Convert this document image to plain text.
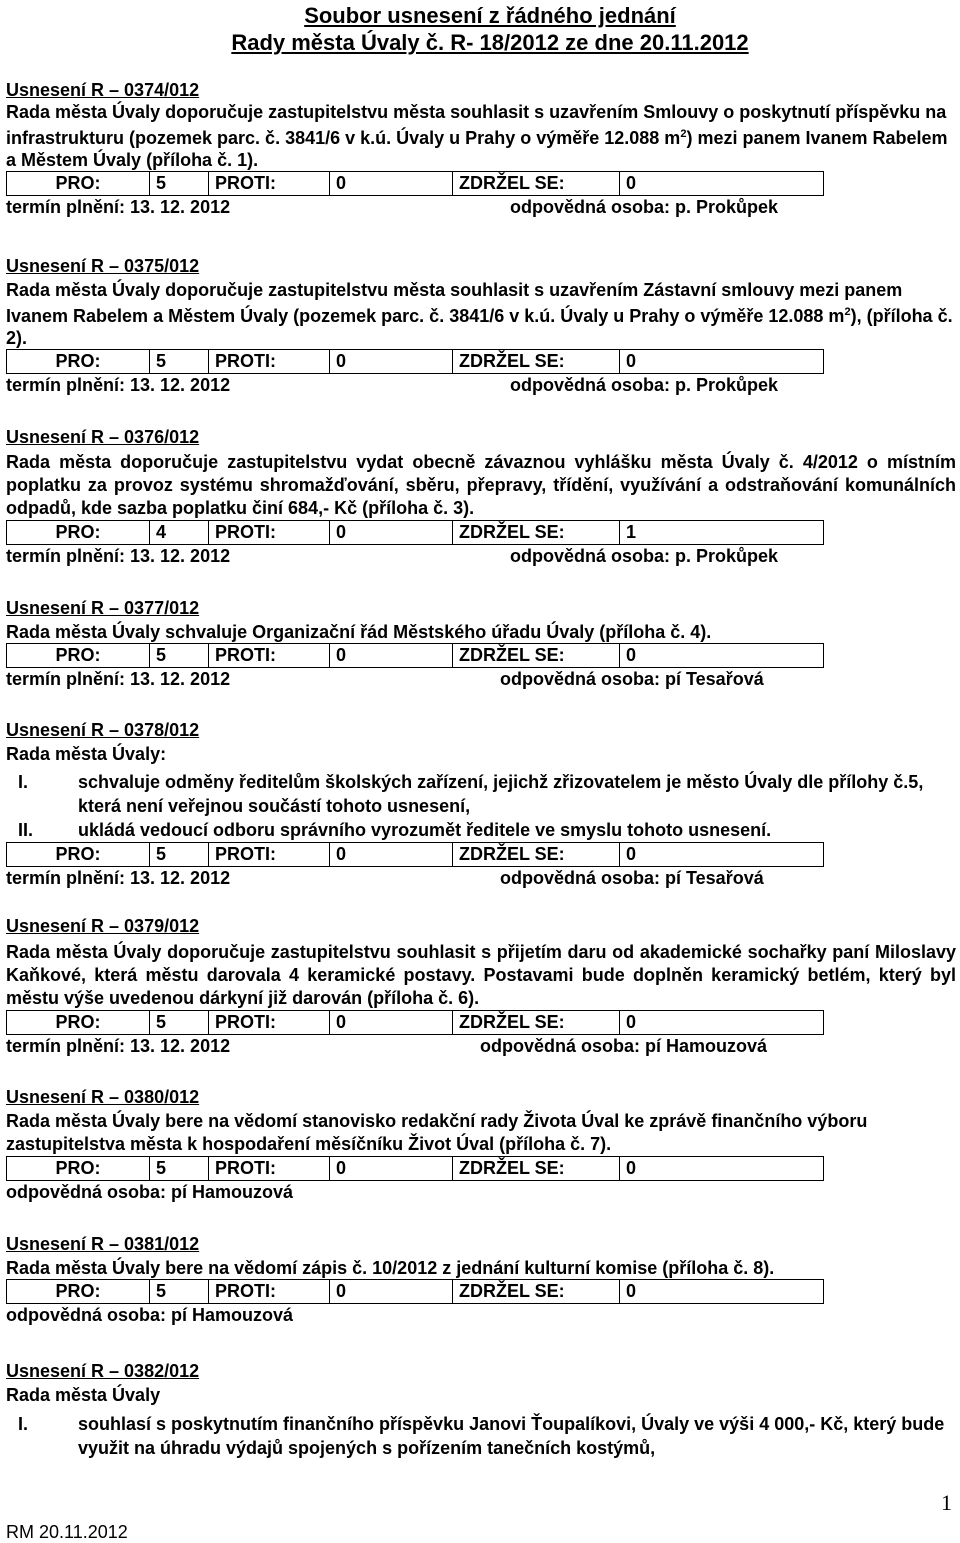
Soubor usnesení z řádného jednání
Rady města Úvaly č. R- 18/2012 ze dne 20.11.2012
Usnesení R – 0374/012
Rada města Úvaly doporučuje zastupitelstvu města souhlasit s uzavřením Smlouvy o poskytnutí příspěvku na infrastrukturu (pozemek parc. č. 3841/6 v k.ú. Úvaly u Prahy o výměře 12.088 $m^2$) mezi panem Ivanem Rabelem a Městem Úvaly (příloha č. 1).
PRO:	5	PROTI:	0	ZDRŽEL SE:	0
termín plnění: 13. 12. 2012	odpovědná osoba: p. Prokůpek
Usnesení R – 0375/012
Rada města Úvaly doporučuje zastupitelstvu města souhlasit s uzavřením Zástavní smlouvy mezi panem Ivanem Rabelem a Městem Úvaly (pozemek parc. č. 3841/6 v k.ú. Úvaly u Prahy o výměře 12.088 $m^2$), (příloha č. 2).
PRO:	5	PROTI:	0	ZDRŽEL SE:	0
termín plnění: 13. 12. 2012	odpovědná osoba: p. Prokůpek
Usnesení R – 0376/012
Rada města doporučuje zastupitelstvu vydat obecně závaznou vyhlášku města Úvaly č. 4/2012 o místním poplatku za provoz systému shromažďování, sběru, přepravy, třídění, využívání a odstraňování komunálních odpadů, kde sazba poplatku činí 684,- Kč (příloha č. 3).
PRO:	4	PROTI:	0	ZDRŽEL SE:	1
termín plnění: 13. 12. 2012	odpovědná osoba: p. Prokůpek
Usnesení R – 0377/012
Rada města Úvaly schvaluje Organizační řád Městského úřadu Úvaly (příloha č. 4).
PRO:	5	PROTI:	0	ZDRŽEL SE:	0
termín plnění: 13. 12. 2012	odpovědná osoba: pí Tesařová
Usnesení R – 0378/012
Rada města Úvaly:
I.	schvaluje odměny ředitelům školských zařízení, jejichž zřizovatelem je město Úvaly dle přílohy č.5, která není veřejnou součástí tohoto usnesení,
II. ukládá vedoucí odboru správního vyrozumět ředitele ve smyslu tohoto usnesení.
PRO:	5	PROTI:	0	ZDRŽEL SE:	0
termín plnění: 13. 12. 2012	odpovědná osoba: pí Tesařová
Usnesení R – 0379/012
Rada města Úvaly doporučuje zastupitelstvu souhlasit s přijetím daru od akademické sochařky paní Miloslavy Kaňkové, která městu darovala 4 keramické postavy. Postavami bude doplněn keramický betlém, který byl městu výše uvedenou dárkyní již darován (příloha č. 6).
PRO:	5	PROTI:	0	ZDRŽEL SE:	0
termín plnění: 13. 12. 2012	odpovědná osoba: pí Hamouzová
Usnesení R – 0380/012
Rada města Úvaly bere na vědomí stanovisko redakční rady Života Úval ke zprávě finančního výboru zastupitelstva města k hospodaření měsíčníku Život Úval (příloha č. 7).
PRO:	5	PROTI:	0	ZDRŽEL SE:	0
odpovědná osoba: pí Hamouzová
Usnesení R – 0381/012
Rada města Úvaly bere na vědomí zápis č. 10/2012 z jednání kulturní komise (příloha č. 8).
PRO:	5	PROTI:	0	ZDRŽEL SE:	0
odpovědná osoba: pí Hamouzová
Usnesení R – 0382/012
Rada města Úvaly
I.	souhlasí s poskytnutím finančního příspěvku Janovi Ťoupalíkovi, Úvaly ve výši 4 000,- Kč, který bude využit na úhradu výdajů spojených s pořízením tanečních kostýmů,
1
RM 20.11.2012
